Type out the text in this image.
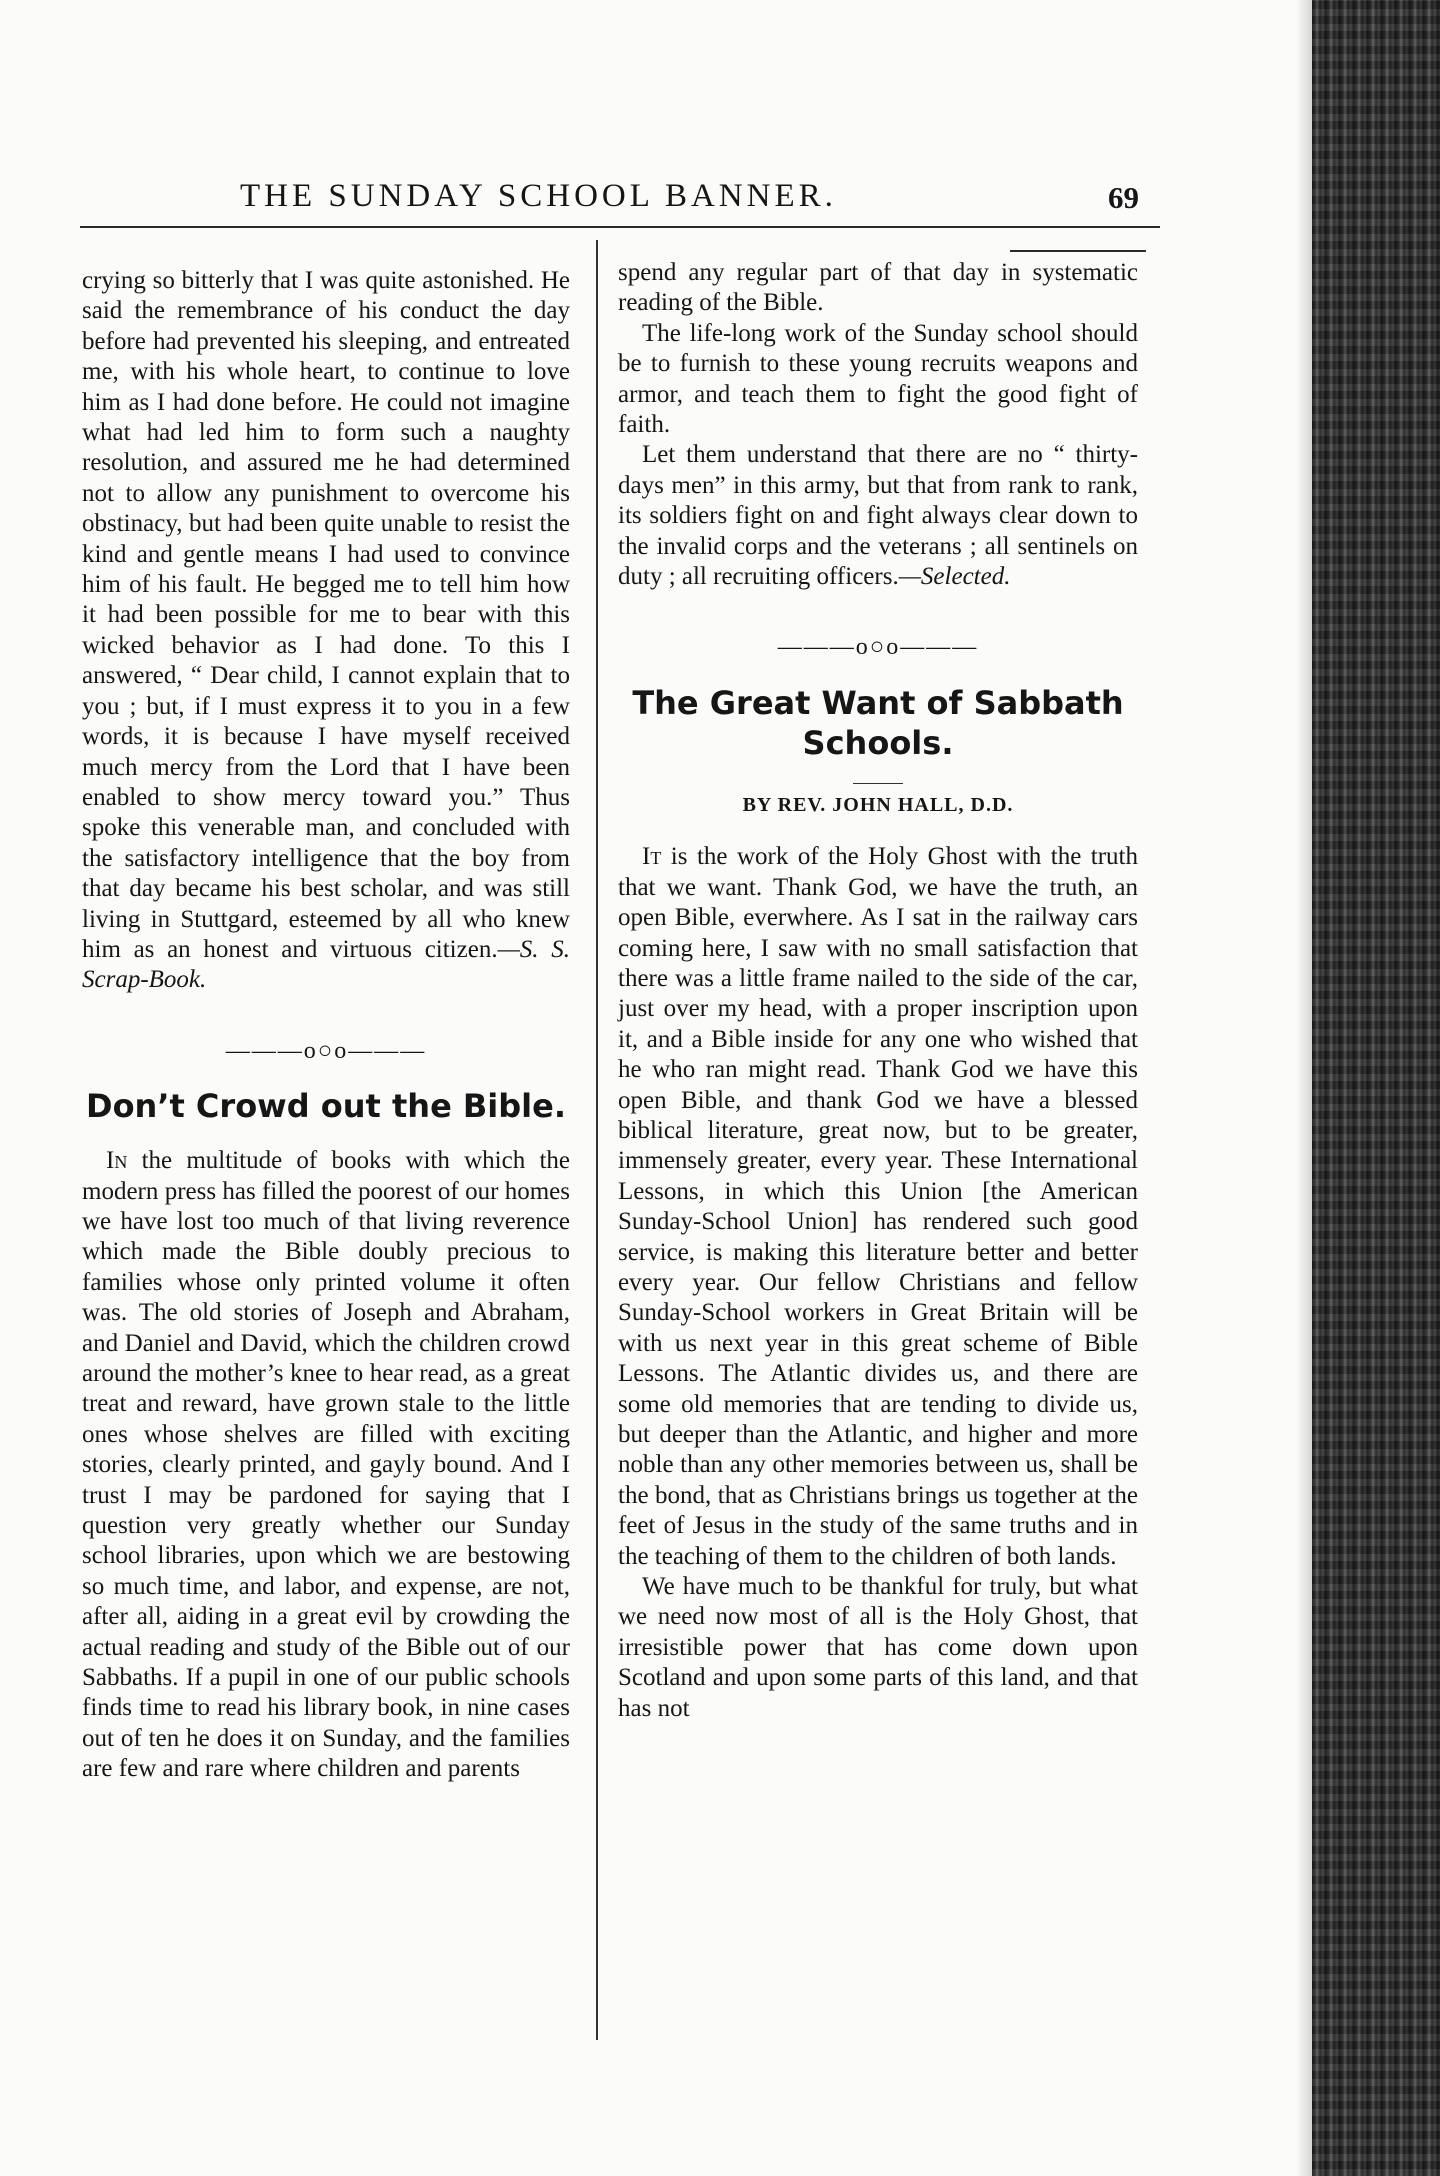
THE SUNDAY SCHOOL BANNER.	69

crying so bitterly that I was quite astonished. He said the remembrance of his conduct the day before had prevented his sleeping, and entreated me, with his whole heart, to continue to love him as I had done before. He could not imagine what had led him to form such a naughty resolution, and assured me he had determined not to allow any punishment to overcome his obstinacy, but had been quite unable to resist the kind and gentle means I had used to convince him of his fault. He begged me to tell him how it had been possible for me to bear with this wicked behavior as I had done. To this I answered, “ Dear child, I cannot explain that to you ; but, if I must express it to you in a few words, it is because I have myself received much mercy from the Lord that I have been enabled to show mercy toward you.” Thus spoke this venerable man, and concluded with the satisfactory intelligence that the boy from that day became his best scholar, and was still living in Stuttgard, esteemed by all who knew him as an honest and virtuous citizen.—S. S. Scrap-Book.

———o○o———
Don’t Crowd out the Bible.

In the multitude of books with which the modern press has filled the poorest of our homes we have lost too much of that living reverence which made the Bible doubly precious to families whose only printed volume it often was. The old stories of Joseph and Abraham, and Daniel and David, which the children crowd around the mother’s knee to hear read, as a great treat and reward, have grown stale to the little ones whose shelves are filled with exciting stories, clearly printed, and gayly bound. And I trust I may be pardoned for saying that I question very greatly whether our Sunday school libraries, upon which we are bestowing so much time, and labor, and expense, are not, after all, aiding in a great evil by crowding the actual reading and study of the Bible out of our Sabbaths. If a pupil in one of our public schools finds time to read his library book, in nine cases out of ten he does it on Sunday, and the families are few and rare where children and parents

spend any regular part of that day in systematic reading of the Bible.

The life-long work of the Sunday school should be to furnish to these young recruits weapons and armor, and teach them to fight the good fight of faith.

Let them understand that there are no “ thirty-days men” in this army, but that from rank to rank, its soldiers fight on and fight always clear down to the invalid corps and the veterans ; all sentinels on duty ; all recruiting officers.—Selected.

———o○o———
The Great Want of Sabbath Schools.
BY REV. JOHN HALL, D.D.

It is the work of the Holy Ghost with the truth that we want. Thank God, we have the truth, an open Bible, everwhere. As I sat in the railway cars coming here, I saw with no small satisfaction that there was a little frame nailed to the side of the car, just over my head, with a proper inscription upon it, and a Bible inside for any one who wished that he who ran might read. Thank God we have this open Bible, and thank God we have a blessed biblical literature, great now, but to be greater, immensely greater, every year. These International Lessons, in which this Union [the American Sunday-School Union] has rendered such good service, is making this literature better and better every year. Our fellow Christians and fellow Sunday-School workers in Great Britain will be with us next year in this great scheme of Bible Lessons. The Atlantic divides us, and there are some old memories that are tending to divide us, but deeper than the Atlantic, and higher and more noble than any other memories between us, shall be the bond, that as Christians brings us together at the feet of Jesus in the study of the same truths and in the teaching of them to the children of both lands.

We have much to be thankful for truly, but what we need now most of all is the Holy Ghost, that irresistible power that has come down upon Scotland and upon some parts of this land, and that has not
